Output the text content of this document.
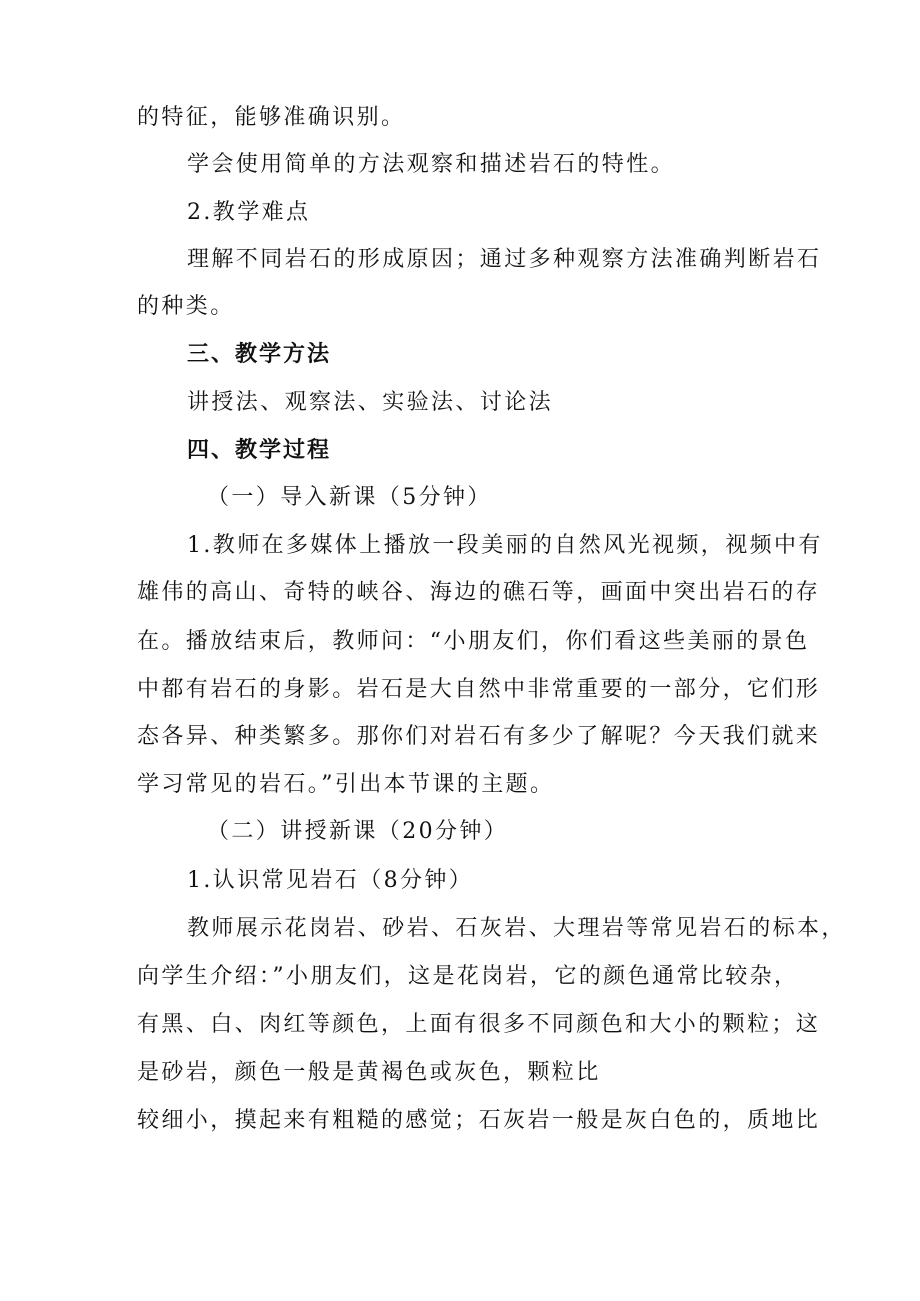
的特征，能够准确识别。
学会使用简单的方法观察和描述岩石的特性。
2.教学难点
理解不同岩石的形成原因；通过多种观察方法准确判断岩石
的种类。
三、教学方法
讲授法、观察法、实验法、讨论法
四、教学过程
（一）导入新课（5分钟）
1.教师在多媒体上播放一段美丽的自然风光视频，视频中有
雄伟的高山、奇特的峡谷、海边的礁石等，画面中突出岩石的存
在。播放结束后，教师问：“小朋友们，你们看这些美丽的景色
中都有岩石的身影。岩石是大自然中非常重要的一部分，它们形
态各异、种类繁多。那你们对岩石有多少了解呢？今天我们就来
学习常见的岩石。”引出本节课的主题。
（二）讲授新课（20分钟）
1.认识常见岩石（8分钟）
教师展示花岗岩、砂岩、石灰岩、大理岩等常见岩石的标本，
向学生介绍：”小朋友们，这是花岗岩，它的颜色通常比较杂，
有黑、白、肉红等颜色，上面有很多不同颜色和大小的颗粒；这
是砂岩，颜色一般是黄褐色或灰色，颗粒比
较细小，摸起来有粗糙的感觉；石灰岩一般是灰白色的，质地比
